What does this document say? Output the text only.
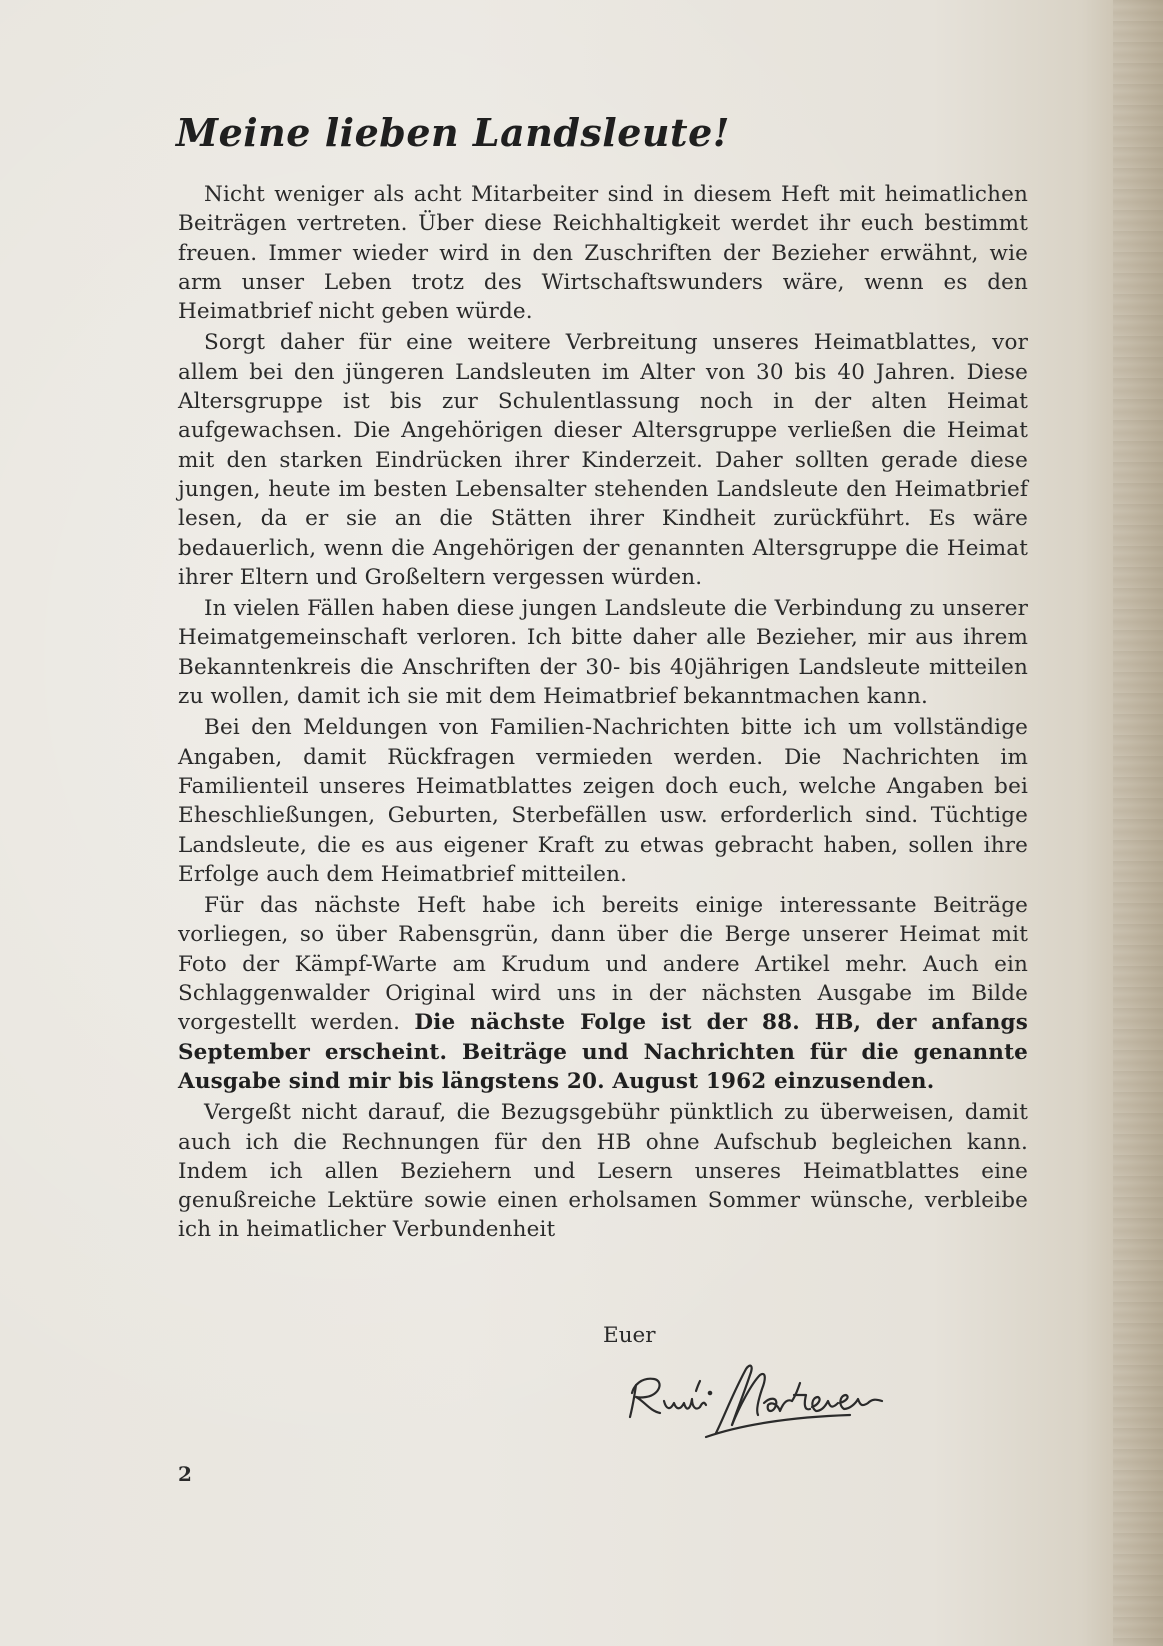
Meine lieben Landsleute!

Nicht weniger als acht Mitarbeiter sind in diesem Heft mit heimatlichen Beiträgen vertreten. Über diese Reichhaltigkeit werdet ihr euch bestimmt freuen. Immer wieder wird in den Zuschriften der Bezieher erwähnt, wie arm unser Leben trotz des Wirtschaftswunders wäre, wenn es den Heimatbrief nicht geben würde.

Sorgt daher für eine weitere Verbreitung unseres Heimatblattes, vor allem bei den jüngeren Landsleuten im Alter von 30 bis 40 Jahren. Diese Altersgruppe ist bis zur Schulentlassung noch in der alten Heimat aufgewachsen. Die Angehörigen dieser Altersgruppe verließen die Heimat mit den starken Eindrücken ihrer Kinderzeit. Daher sollten gerade diese jungen, heute im besten Lebensalter stehenden Landsleute den Heimatbrief lesen, da er sie an die Stätten ihrer Kindheit zurückführt. Es wäre bedauerlich, wenn die Angehörigen der genannten Altersgruppe die Heimat ihrer Eltern und Großeltern vergessen würden.

In vielen Fällen haben diese jungen Landsleute die Verbindung zu unserer Heimatgemeinschaft verloren. Ich bitte daher alle Bezieher, mir aus ihrem Bekanntenkreis die Anschriften der 30- bis 40jährigen Landsleute mitteilen zu wollen, damit ich sie mit dem Heimatbrief bekanntmachen kann.

Bei den Meldungen von Familien-Nachrichten bitte ich um vollständige Angaben, damit Rückfragen vermieden werden. Die Nachrichten im Familienteil unseres Heimatblattes zeigen doch euch, welche Angaben bei Eheschließungen, Geburten, Sterbefällen usw. erforderlich sind. Tüchtige Landsleute, die es aus eigener Kraft zu etwas gebracht haben, sollen ihre Erfolge auch dem Heimatbrief mitteilen.

Für das nächste Heft habe ich bereits einige interessante Beiträge vorliegen, so über Rabensgrün, dann über die Berge unserer Heimat mit Foto der Kämpf-Warte am Krudum und andere Artikel mehr. Auch ein Schlaggenwalder Original wird uns in der nächsten Ausgabe im Bilde vorgestellt werden. Die nächste Folge ist der 88. HB, der anfangs September erscheint. Beiträge und Nachrichten für die genannte Ausgabe sind mir bis längstens 20. August 1962 einzusenden.

Vergeßt nicht darauf, die Bezugsgebühr pünktlich zu überweisen, damit auch ich die Rechnungen für den HB ohne Aufschub begleichen kann. Indem ich allen Beziehern und Lesern unseres Heimatblattes eine genußreiche Lektüre sowie einen erholsamen Sommer wünsche, verbleibe ich in heimatlicher Verbundenheit

Euer
2
